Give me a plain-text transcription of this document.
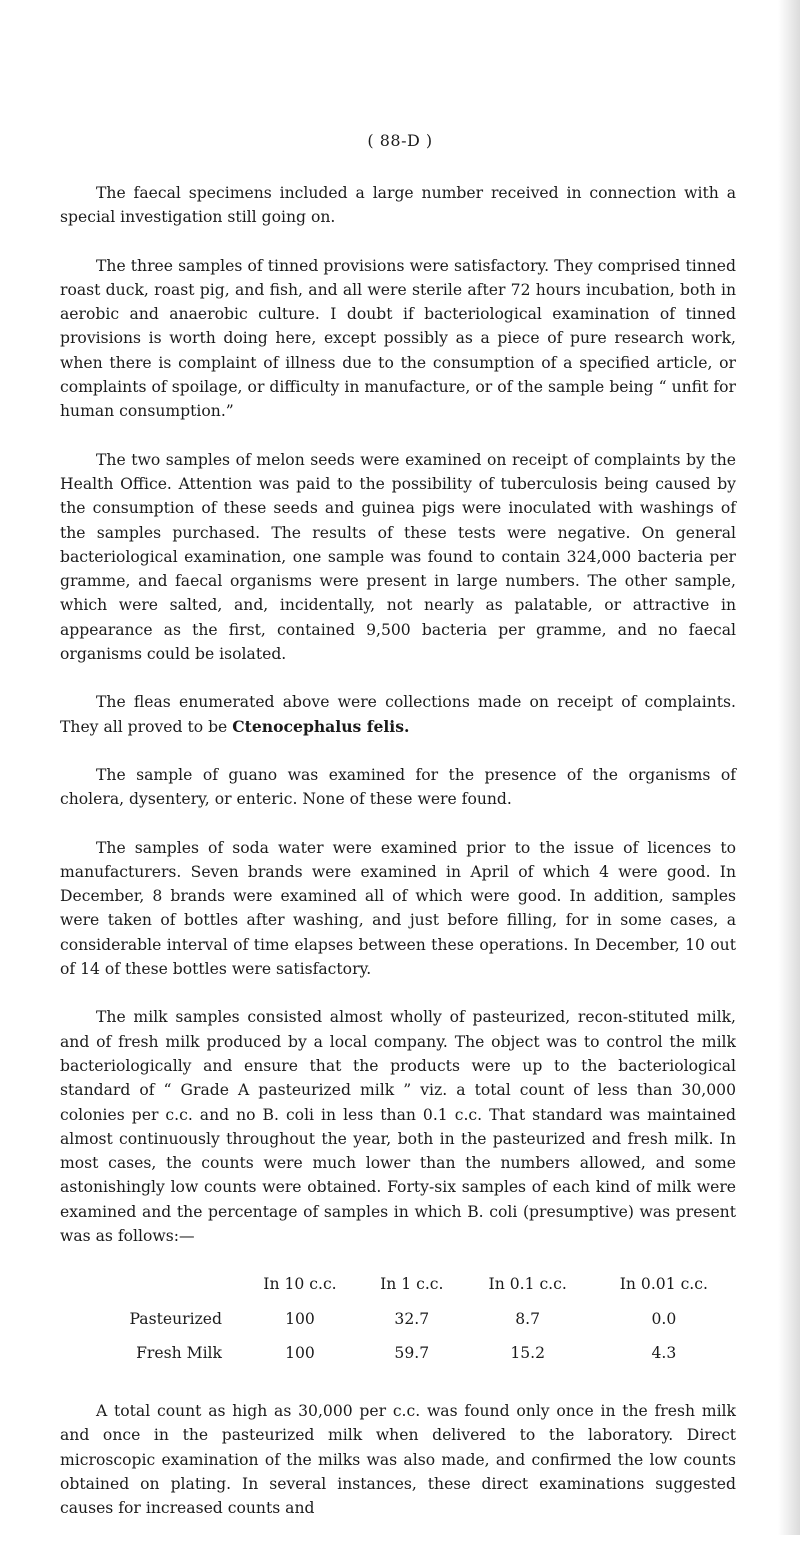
( 88-D )

The faecal specimens included a large number received in connection with a special investigation still going on.

The three samples of tinned provisions were satisfactory. They comprised tinned roast duck, roast pig, and fish, and all were sterile after 72 hours incubation, both in aerobic and anaerobic culture. I doubt if bacteriological examination of tinned provisions is worth doing here, except possibly as a piece of pure research work, when there is complaint of illness due to the consumption of a specified article, or complaints of spoilage, or difficulty in manufacture, or of the sample being “ unfit for human consumption.”

The two samples of melon seeds were examined on receipt of complaints by the Health Office. Attention was paid to the possibility of tuberculosis being caused by the consumption of these seeds and guinea pigs were inoculated with washings of the samples purchased. The results of these tests were negative. On general bacteriological examination, one sample was found to contain 324,000 bacteria per gramme, and faecal organisms were present in large numbers. The other sample, which were salted, and, incidentally, not nearly as palatable, or attractive in appearance as the first, contained 9,500 bacteria per gramme, and no faecal organisms could be isolated.

The fleas enumerated above were collections made on receipt of complaints. They all proved to be Ctenocephalus felis.

The sample of guano was examined for the presence of the organisms of cholera, dysentery, or enteric. None of these were found.

The samples of soda water were examined prior to the issue of licences to manufacturers. Seven brands were examined in April of which 4 were good. In December, 8 brands were examined all of which were good. In addition, samples were taken of bottles after washing, and just before filling, for in some cases, a considerable interval of time elapses between these operations. In December, 10 out of 14 of these bottles were satisfactory.

The milk samples consisted almost wholly of pasteurized, recon-stituted milk, and of fresh milk produced by a local company. The object was to control the milk bacteriologically and ensure that the products were up to the bacteriological standard of “ Grade A pasteurized milk ” viz. a total count of less than 30,000 colonies per c.c. and no B. coli in less than 0.1 c.c. That standard was maintained almost continuously throughout the year, both in the pasteurized and fresh milk. In most cases, the counts were much lower than the numbers allowed, and some astonishingly low counts were obtained. Forty-six samples of each kind of milk were examined and the percentage of samples in which B. coli (presumptive) was present was as follows:—

	In 10 c.c.	In 1 c.c.	In 0.1 c.c.	In 0.01 c.c.
Pasteurized	100	32.7	8.7	0.0
Fresh Milk	100	59.7	15.2	4.3

A total count as high as 30,000 per c.c. was found only once in the fresh milk and once in the pasteurized milk when delivered to the laboratory. Direct microscopic examination of the milks was also made, and confirmed the low counts obtained on plating. In several instances, these direct examinations suggested causes for increased counts and
